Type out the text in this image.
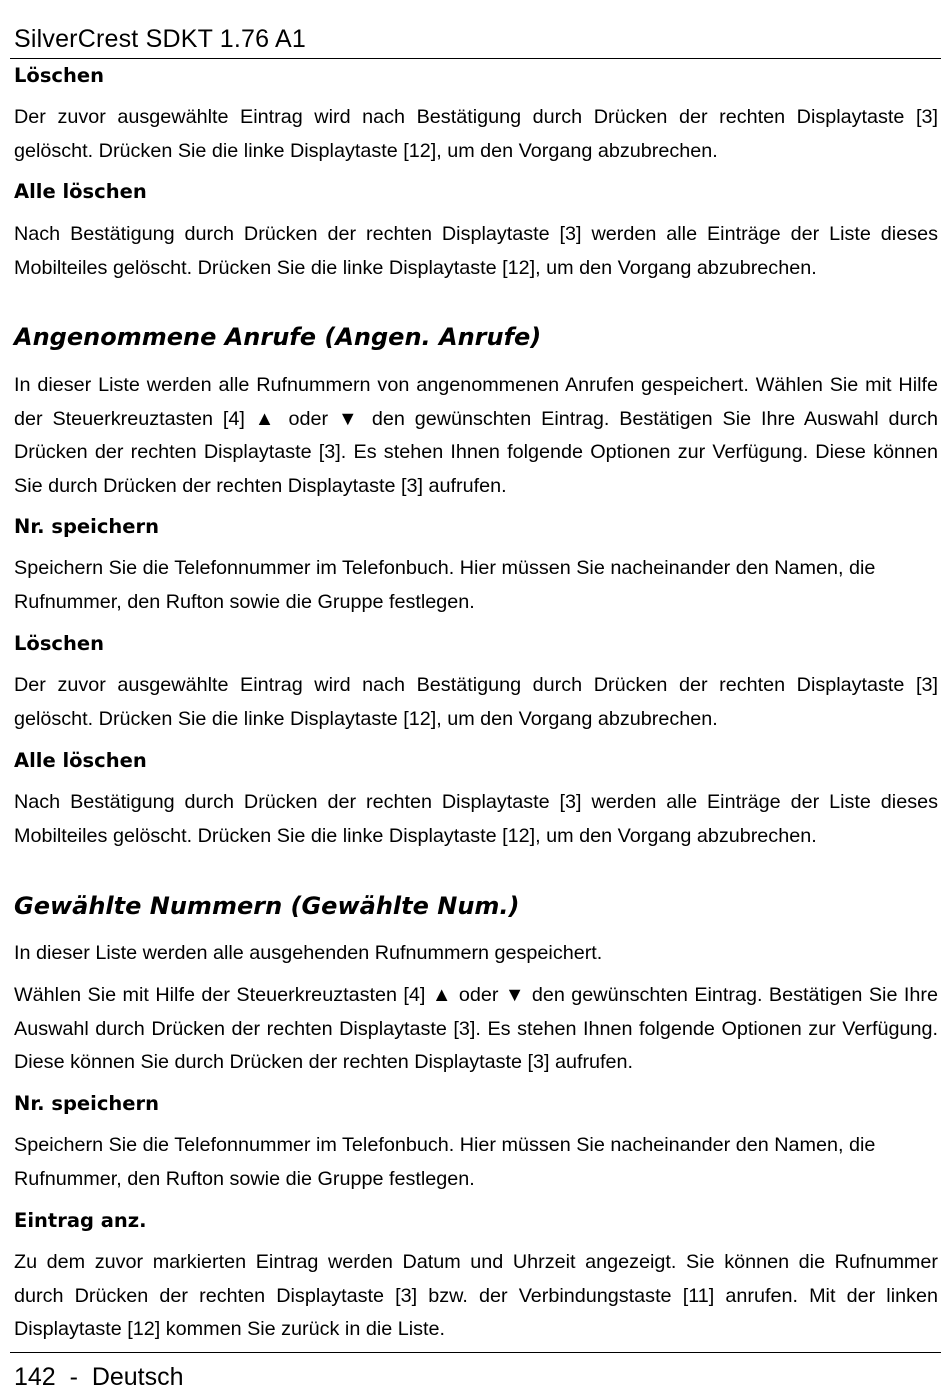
SilverCrest SDKT 1.76 A1
Löschen
Der zuvor ausgewählte Eintrag wird nach Bestätigung durch Drücken der rechten Displaytaste [3] gelöscht. Drücken Sie die linke Displaytaste [12], um den Vorgang abzubrechen.
Alle löschen
Nach Bestätigung durch Drücken der rechten Displaytaste [3] werden alle Einträge der Liste dieses Mobilteiles gelöscht. Drücken Sie die linke Displaytaste [12], um den Vorgang abzubrechen.
Angenommene Anrufe (Angen. Anrufe)
In dieser Liste werden alle Rufnummern von angenommenen Anrufen gespeichert. Wählen Sie mit Hilfe der Steuerkreuztasten [4] ▲ oder ▼ den gewünschten Eintrag. Bestätigen Sie Ihre Auswahl durch Drücken der rechten Displaytaste [3]. Es stehen Ihnen folgende Optionen zur Verfügung. Diese können Sie durch Drücken der rechten Displaytaste [3] aufrufen.
Nr. speichern
Speichern Sie die Telefonnummer im Telefonbuch. Hier müssen Sie nacheinander den Namen, die Rufnummer, den Rufton sowie die Gruppe festlegen.
Löschen
Der zuvor ausgewählte Eintrag wird nach Bestätigung durch Drücken der rechten Displaytaste [3] gelöscht. Drücken Sie die linke Displaytaste [12], um den Vorgang abzubrechen.
Alle löschen
Nach Bestätigung durch Drücken der rechten Displaytaste [3] werden alle Einträge der Liste dieses Mobilteiles gelöscht. Drücken Sie die linke Displaytaste [12], um den Vorgang abzubrechen.
Gewählte Nummern (Gewählte Num.)
In dieser Liste werden alle ausgehenden Rufnummern gespeichert.
Wählen Sie mit Hilfe der Steuerkreuztasten [4] ▲ oder ▼ den gewünschten Eintrag. Bestätigen Sie Ihre Auswahl durch Drücken der rechten Displaytaste [3]. Es stehen Ihnen folgende Optionen zur Verfügung. Diese können Sie durch Drücken der rechten Displaytaste [3] aufrufen.
Nr. speichern
Speichern Sie die Telefonnummer im Telefonbuch. Hier müssen Sie nacheinander den Namen, die Rufnummer, den Rufton sowie die Gruppe festlegen.
Eintrag anz.
Zu dem zuvor markierten Eintrag werden Datum und Uhrzeit angezeigt. Sie können die Rufnummer durch Drücken der rechten Displaytaste [3] bzw. der Verbindungstaste [11] anrufen. Mit der linken Displaytaste [12] kommen Sie zurück in die Liste.
142  -  Deutsch
